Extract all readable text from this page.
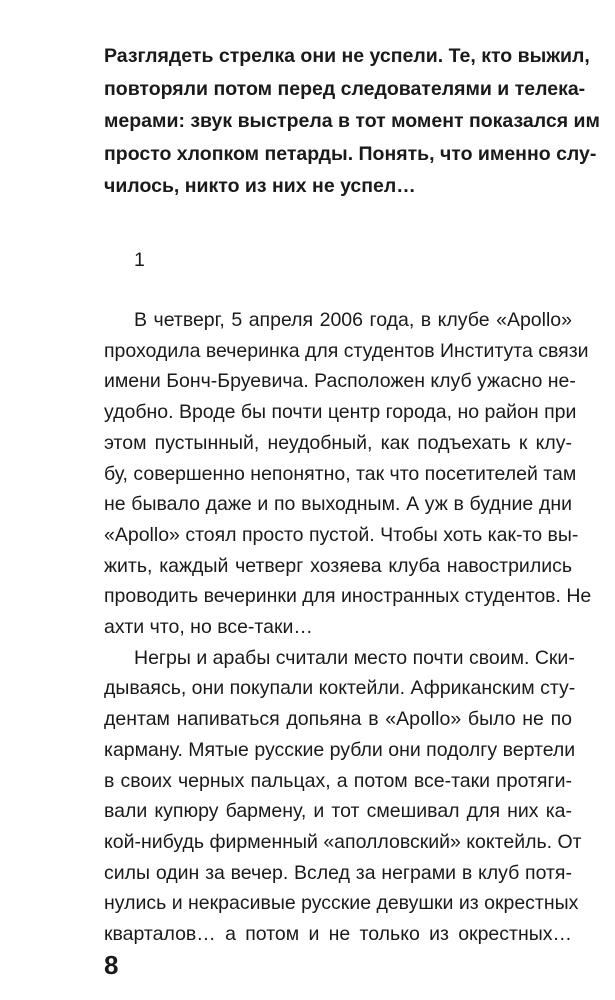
Разглядеть стрелка они не успели. Те, кто выжил,
повторяли потом перед следователями и телека-
мерами: звук выстрела в тот момент показался им
просто хлопком петарды. Понять, что именно слу-
чилось, никто из них не успел…
1
В четверг, 5 апреля 2006 года, в клубе «Apollo»
проходила вечеринка для студентов Института связи
имени Бонч-Бруевича. Расположен клуб ужасно не-
удобно. Вроде бы почти центр города, но район при
этом пустынный, неудобный, как подъехать к клу-
бу, совершенно непонятно, так что посетителей там
не бывало даже и по выходным. А уж в будние дни
«Apollo» стоял просто пустой. Чтобы хоть как-то вы-
жить, каждый четверг хозяева клуба навострились
проводить вечеринки для иностранных студентов. Не
ахти что, но все-таки…
Негры и арабы считали место почти своим. Ски-
дываясь, они покупали коктейли. Африканским сту-
дентам напиваться допьяна в «Apollo» было не по
карману. Мятые русские рубли они подолгу вертели
в своих черных пальцах, а потом все-таки протяги-
вали купюру бармену, и тот смешивал для них ка-
кой-нибудь фирменный «аполловский» коктейль. От
силы один за вечер. Вслед за неграми в клуб потя-
нулись и некрасивые русские девушки из окрестных
кварталов… а потом и не только из окрестных…
8
